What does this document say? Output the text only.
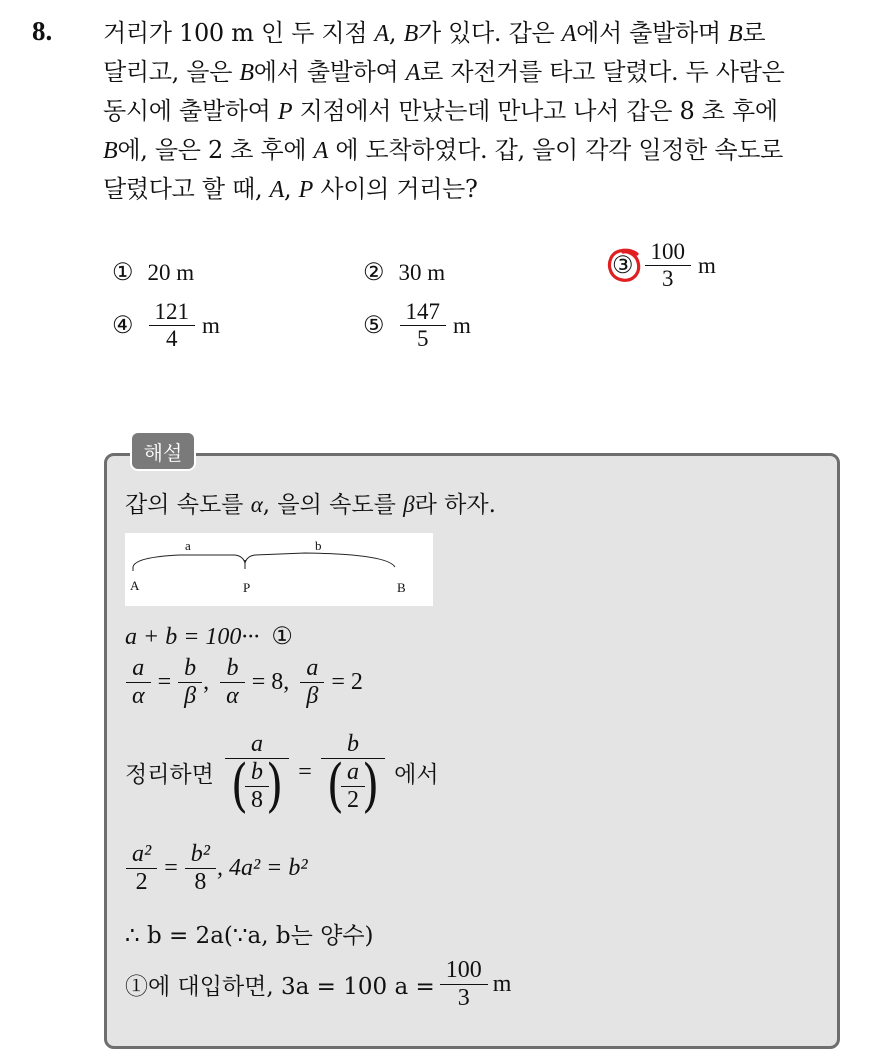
8. 거리가 100 m 인 두 지점 A, B가 있다. 갑은 A에서 출발하며 B로

달리고, 을은 B에서 출발하여 A로 자전거를 타고 달렸다. 두 사람은

동시에 출발하여 P 지점에서 만났는데 만나고 나서 갑은 8 초 후에

B에, 을은 2 초 후에 A 에 도착하였다. 갑, 을이 각각 일정한 속도로

달렸다고 할 때, A, P 사이의 거리는?

① 20 m	② 30 m	③ $\frac{100}{3}$ m
④ $\frac{121}{4}$ m	⑤ $\frac{147}{5}$ m
해설
갑의 속도를 α, 을의 속도를 β라 하자.
a	b
A	P	B
a + b = 100··· ①
$\frac{a}{\alpha} = \frac{b}{\beta}$ , $\frac{b}{\alpha} = 8$, $\frac{a}{\beta} = 2$
정리하면 $\frac{a}{( \frac{b}{8} )} = \frac{b}{( \frac{a}{2} )}$ 에서
$\frac{\text{a²}}{2} = \frac{\text{b²}}{8}$ , 4a² = b²
∴ b = 2a(∵a, b는 양수)
①에 대입하면, 3a = 100 $a = \frac{100}{3}$ m
